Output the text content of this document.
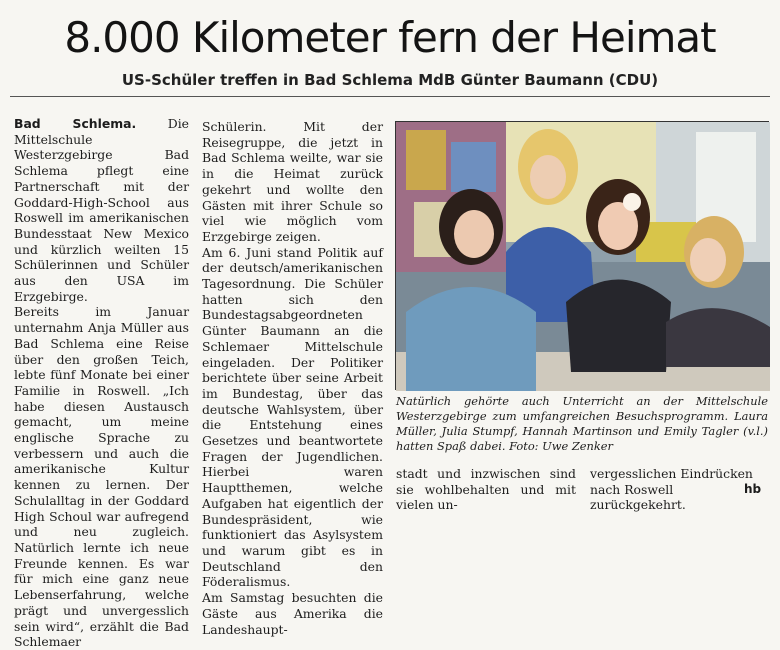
8.000 Kilometer fern der Heimat
US-Schüler treffen in Bad Schlema MdB Günter Baumann (CDU)

Bad Schlema.	Die Mittelschule Westerzgebirge Bad Schlema pflegt eine Partnerschaft mit der Goddard-High-School aus Roswell im amerikanischen Bundesstaat New Mexico und kürzlich weilten 15 Schülerinnen und Schüler aus den USA im Erzgebirge.

Bereits im Januar unternahm Anja Müller aus Bad Schlema eine Reise über den großen Teich, lebte fünf Monate bei einer Familie in Roswell. „Ich habe diesen Austausch gemacht, um meine englische Sprache zu verbessern und auch die amerikanische Kultur kennen zu lernen. Der Schulalltag in der Goddard High Schoul war aufregend und neu zugleich. Natürlich lernte ich neue Freunde kennen. Es war für mich eine ganz neue Lebenserfahrung, welche prägt und unvergesslich sein wird“, erzählt die Bad Schlemaer

Schülerin. Mit der Reisegruppe, die jetzt in Bad Schlema weilte, war sie in die Heimat zurück gekehrt und wollte den Gästen mit ihrer Schule so viel wie möglich vom Erzgebirge zeigen.

Am 6. Juni stand Politik auf der deutsch/amerikanischen Tagesordnung. Die Schüler hatten sich den Bundestagsabgeordneten Günter Baumann an die Schlemaer Mittelschule eingeladen. Der Politiker berichtete über seine Arbeit im Bundestag, über das deutsche Wahlsystem, über die Entstehung eines Gesetzes und beantwortete Fragen der Jugendlichen. Hierbei waren Hauptthemen, welche Aufgaben hat eigentlich der Bundespräsident, wie funktioniert das Asylsystem und warum gibt es in Deutschland den Föderalismus.

Am Samstag besuchten die Gäste aus Amerika die Landeshaupt-

Natürlich gehörte auch Unterricht an der Mittelschule Westerzgebirge zum umfangreichen Besuchsprogramm. Laura Müller, Julia Stumpf, Hannah Martinson und Emily Tagler (v.l.) hatten Spaß dabei. Foto: Uwe Zenker

stadt und inzwischen sind sie wohlbehalten und mit vielen un-

vergesslichen Eindrücken nach Roswell zurückgekehrt.

hb
